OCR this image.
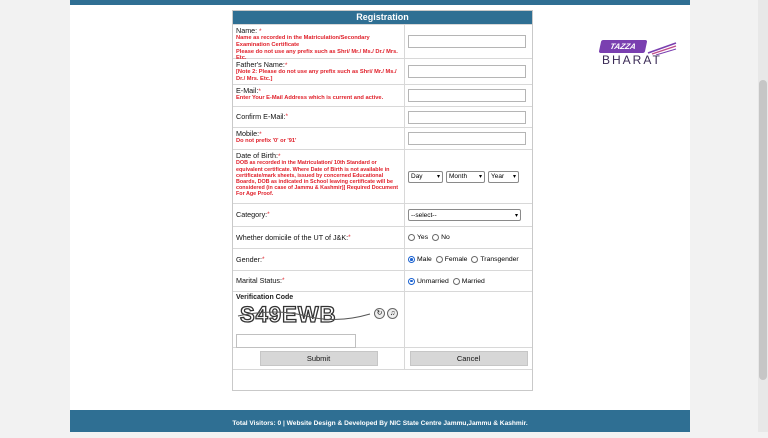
Registration
Name: *
Name as recorded in the Matriculation/Secondary Examination Certificate
Please do not use any prefix such as Shri/ Mr./ Ms./ Dr./ Mrs. Etc.
Father's Name:*
[Note 2: Please do not use any prefix such as Shri/ Mr./ Ms./ Dr./ Mrs. Etc.]
E-Mail:*
Enter Your E-Mail Address which is current and active.
Confirm E-Mail: *
Mobile:*
Do not prefix '0' or '91'
Date of Birth:*
DOB as recorded in the Matriculation/ 10th Standard or equivalent certificate. Where Date of Birth is not available in certificate/mark sheets, issued by concerned Educational Boards, DOB as indicated in School leaving certificate will be considered (in case of Jammu & Kashmir)] Required Document For Age Proof.
Day ▾ Month ▾ Year ▾
Category: *	--select--	▾
Whether domicile of the UT of J&K: *	Yes No
Gender: *	Male Female Transgender
Marital Status: *	Unmarried Married
Verification Code
S49EWB	↻	♫
Submit	Cancel
TAZZA
BHARAT
Total Visitors: 0 | Website Design & Developed By NIC State Centre Jammu,Jammu & Kashmir.
